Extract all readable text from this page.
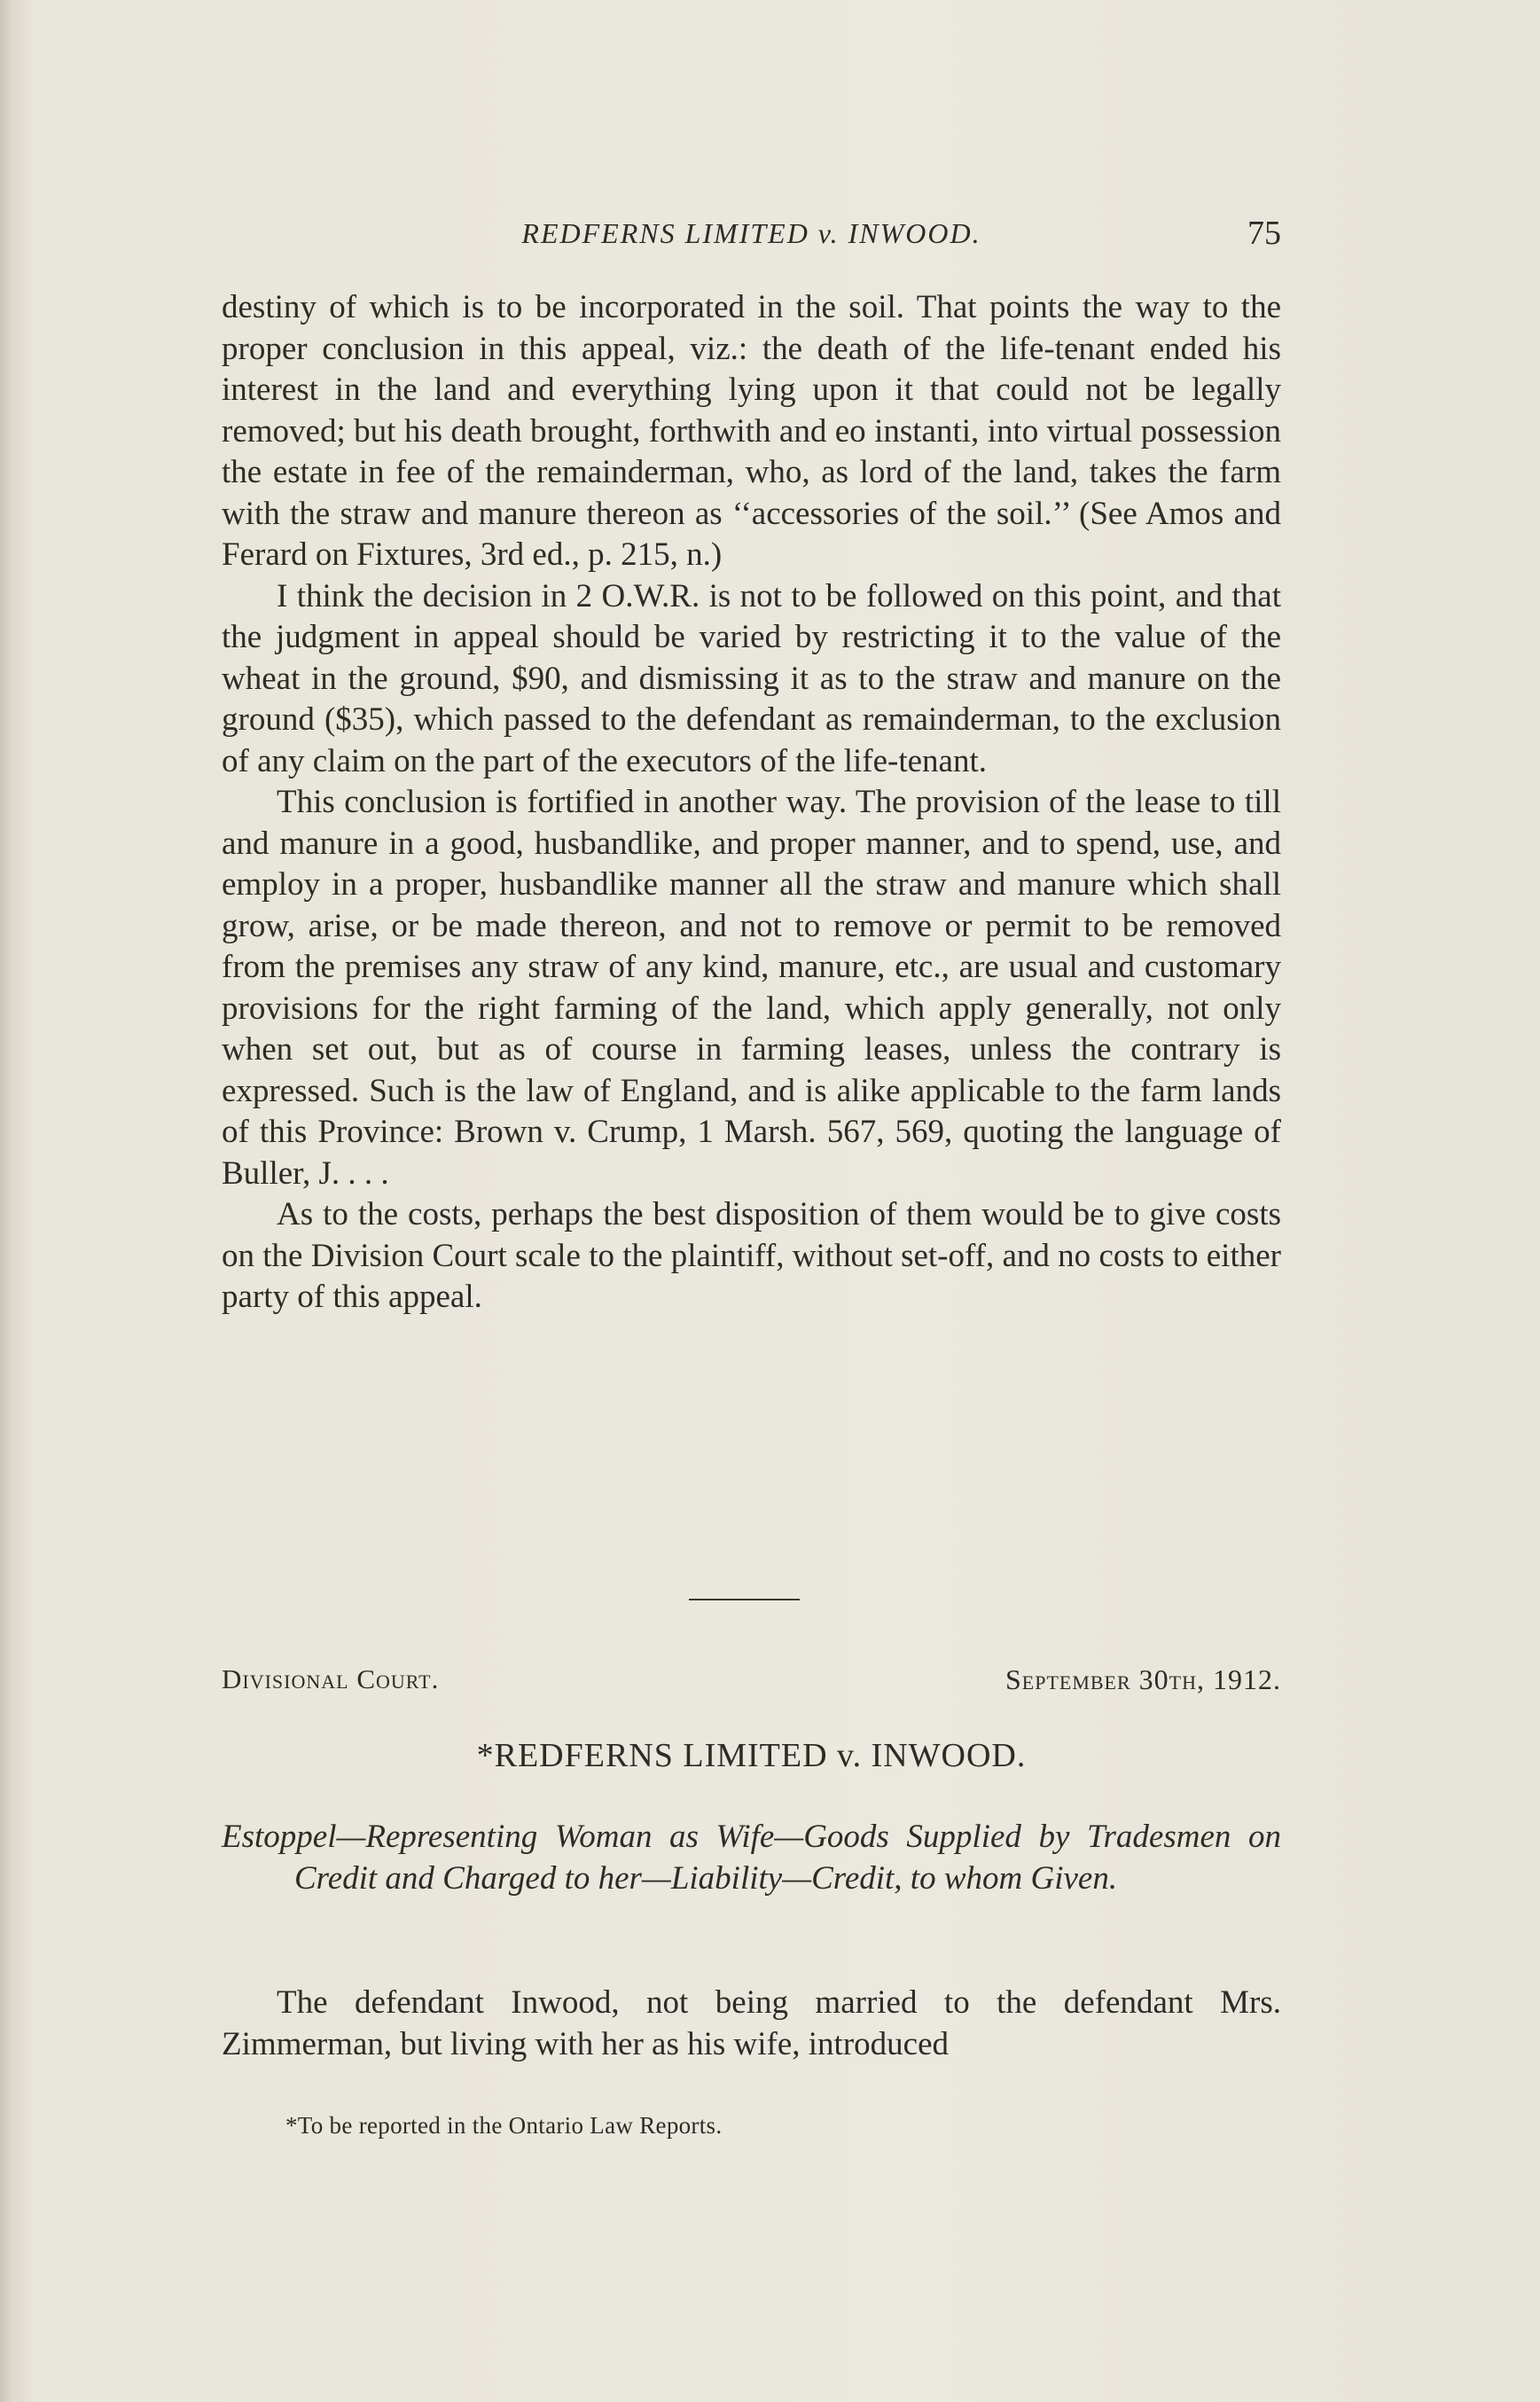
REDFERNS LIMITED v. INWOOD.	75

destiny of which is to be incorporated in the soil. That points the way to the proper conclusion in this appeal, viz.: the death of the life-tenant ended his interest in the land and everything lying upon it that could not be legally removed; but his death brought, forthwith and eo instanti, into virtual possession the estate in fee of the remainderman, who, as lord of the land, takes the farm with the straw and manure thereon as ‘‘accessories of the soil.’’ (See Amos and Ferard on Fixtures, 3rd ed., p. 215, n.)

I think the decision in 2 O.W.R. is not to be followed on this point, and that the judgment in appeal should be varied by restricting it to the value of the wheat in the ground, $90, and dismissing it as to the straw and manure on the ground ($35), which passed to the defendant as remainderman, to the exclusion of any claim on the part of the executors of the life-tenant.

This conclusion is fortified in another way. The provision of the lease to till and manure in a good, husbandlike, and proper manner, and to spend, use, and employ in a proper, husbandlike manner all the straw and manure which shall grow, arise, or be made thereon, and not to remove or permit to be removed from the premises any straw of any kind, manure, etc., are usual and customary provisions for the right farming of the land, which apply generally, not only when set out, but as of course in farming leases, unless the contrary is expressed. Such is the law of England, and is alike applicable to the farm lands of this Province: Brown v. Crump, 1 Marsh. 567, 569, quoting the language of Buller, J. . . .

As to the costs, perhaps the best disposition of them would be to give costs on the Division Court scale to the plaintiff, without set-off, and no costs to either party of this appeal.

Divisional Court.	September 30th, 1912.
*REDFERNS LIMITED v. INWOOD.
Estoppel—Representing Woman as Wife—Goods Supplied by Tradesmen on Credit and Charged to her—Liability—Credit, to whom Given.

The defendant Inwood, not being married to the defendant Mrs. Zimmerman, but living with her as his wife, introduced

*To be reported in the Ontario Law Reports.
